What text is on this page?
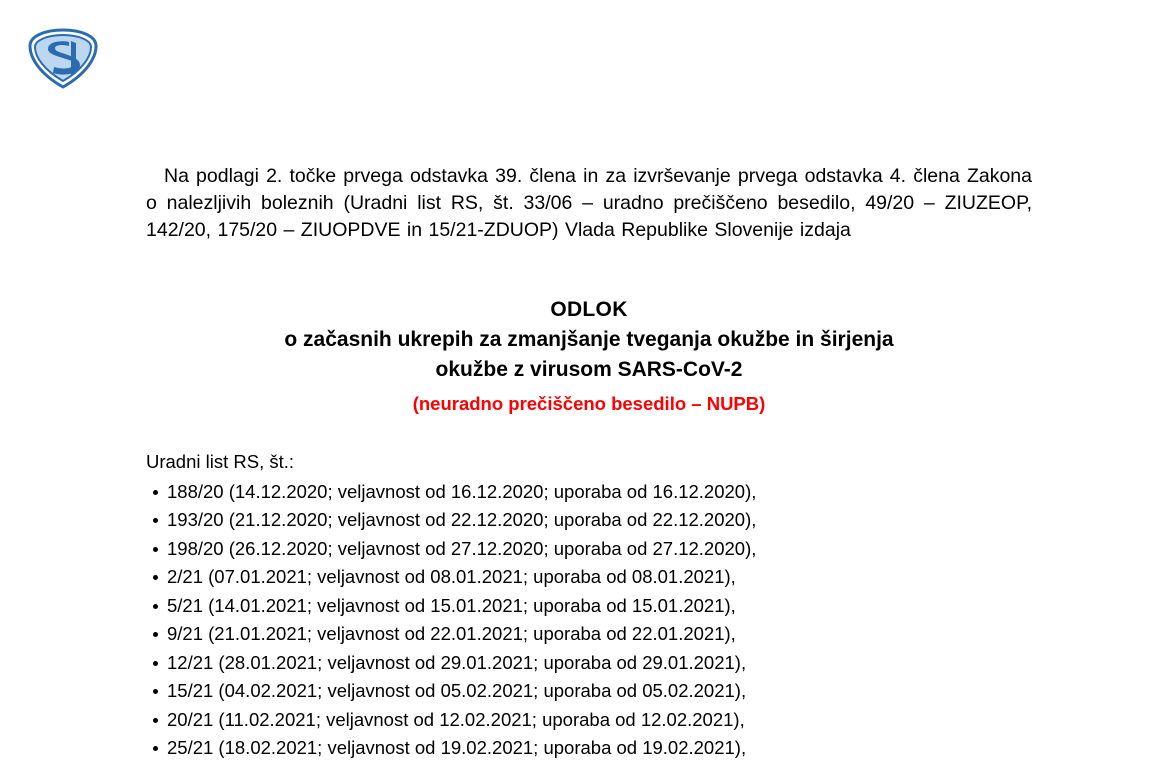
Na podlagi 2. točke prvega odstavka 39. člena in za izvrševanje prvega odstavka 4. člena Zakona o nalezljivih boleznih (Uradni list RS, št. 33/06 – uradno prečiščeno besedilo, 49/20 – ZIUZEOP, 142/20, 175/20 – ZIUOPDVE in 15/21-ZDUOP) Vlada Republike Slovenije izdaja
ODLOK
o začasnih ukrepih za zmanjšanje tveganja okužbe in širjenja
okužbe z virusom SARS-CoV-2
(neuradno prečiščeno besedilo – NUPB)
Uradni list RS, št.:
188/20 (14.12.2020; veljavnost od 16.12.2020; uporaba od 16.12.2020),
193/20 (21.12.2020; veljavnost od 22.12.2020; uporaba od 22.12.2020),
198/20 (26.12.2020; veljavnost od 27.12.2020; uporaba od 27.12.2020),
2/21 (07.01.2021; veljavnost od 08.01.2021; uporaba od 08.01.2021),
5/21 (14.01.2021; veljavnost od 15.01.2021; uporaba od 15.01.2021),
9/21 (21.01.2021; veljavnost od 22.01.2021; uporaba od 22.01.2021),
12/21 (28.01.2021; veljavnost od 29.01.2021; uporaba od 29.01.2021),
15/21 (04.02.2021; veljavnost od 05.02.2021; uporaba od 05.02.2021),
20/21 (11.02.2021; veljavnost od 12.02.2021; uporaba od 12.02.2021),
25/21 (18.02.2021; veljavnost od 19.02.2021; uporaba od 19.02.2021),
